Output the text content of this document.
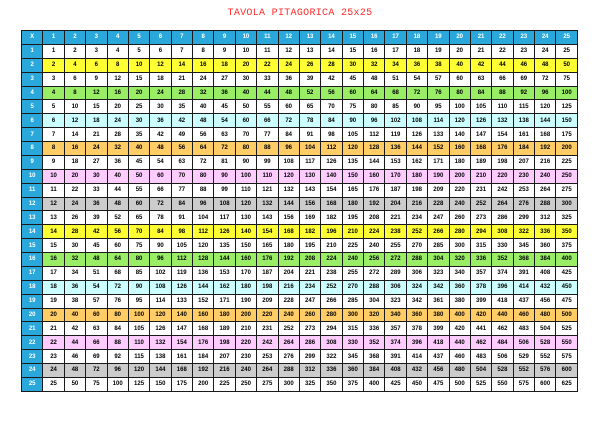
TAVOLA PITAGORICA 25x25
X	1	2	3	4	5	6	7	8	9	10	11	12	13	14	15	16	17	18	19	20	21	22	23	24	25
1	1	2	3	4	5	6	7	8	9	10	11	12	13	14	15	16	17	18	19	20	21	22	23	24	25
2	2	4	6	8	10	12	14	16	18	20	22	24	26	28	30	32	34	36	38	40	42	44	46	48	50
3	3	6	9	12	15	18	21	24	27	30	33	36	39	42	45	48	51	54	57	60	63	66	69	72	75
4	4	8	12	16	20	24	28	32	36	40	44	48	52	56	60	64	68	72	76	80	84	88	92	96	100
5	5	10	15	20	25	30	35	40	45	50	55	60	65	70	75	80	85	90	95	100	105	110	115	120	125
6	6	12	18	24	30	36	42	48	54	60	66	72	78	84	90	96	102	108	114	120	126	132	138	144	150
7	7	14	21	28	35	42	49	56	63	70	77	84	91	98	105	112	119	126	133	140	147	154	161	168	175
8	8	16	24	32	40	48	56	64	72	80	88	96	104	112	120	128	136	144	152	160	168	176	184	192	200
9	9	18	27	36	45	54	63	72	81	90	99	108	117	126	135	144	153	162	171	180	189	198	207	216	225
10	10	20	30	40	50	60	70	80	90	100	110	120	130	140	150	160	170	180	190	200	210	220	230	240	250
11	11	22	33	44	55	66	77	88	99	110	121	132	143	154	165	176	187	198	209	220	231	242	253	264	275
12	12	24	36	48	60	72	84	96	108	120	132	144	156	168	180	192	204	216	228	240	252	264	276	288	300
13	13	26	39	52	65	78	91	104	117	130	143	156	169	182	195	208	221	234	247	260	273	286	299	312	325
14	14	28	42	56	70	84	98	112	126	140	154	168	182	196	210	224	238	252	266	280	294	308	322	336	350
15	15	30	45	60	75	90	105	120	135	150	165	180	195	210	225	240	255	270	285	300	315	330	345	360	375
16	16	32	48	64	80	96	112	128	144	160	176	192	208	224	240	256	272	288	304	320	336	352	368	384	400
17	17	34	51	68	85	102	119	136	153	170	187	204	221	238	255	272	289	306	323	340	357	374	391	408	425
18	18	36	54	72	90	108	126	144	162	180	198	216	234	252	270	288	306	324	342	360	378	396	414	432	450
19	19	38	57	76	95	114	133	152	171	190	209	228	247	266	285	304	323	342	361	380	399	418	437	456	475
20	20	40	60	80	100	120	140	160	180	200	220	240	260	280	300	320	340	360	380	400	420	440	460	480	500
21	21	42	63	84	105	126	147	168	189	210	231	252	273	294	315	336	357	378	399	420	441	462	483	504	525
22	22	44	66	88	110	132	154	176	198	220	242	264	286	308	330	352	374	396	418	440	462	484	506	528	550
23	23	46	69	92	115	138	161	184	207	230	253	276	299	322	345	368	391	414	437	460	483	506	529	552	575
24	24	48	72	96	120	144	168	192	216	240	264	288	312	336	360	384	408	432	456	480	504	528	552	576	600
25	25	50	75	100	125	150	175	200	225	250	275	300	325	350	375	400	425	450	475	500	525	550	575	600	625
